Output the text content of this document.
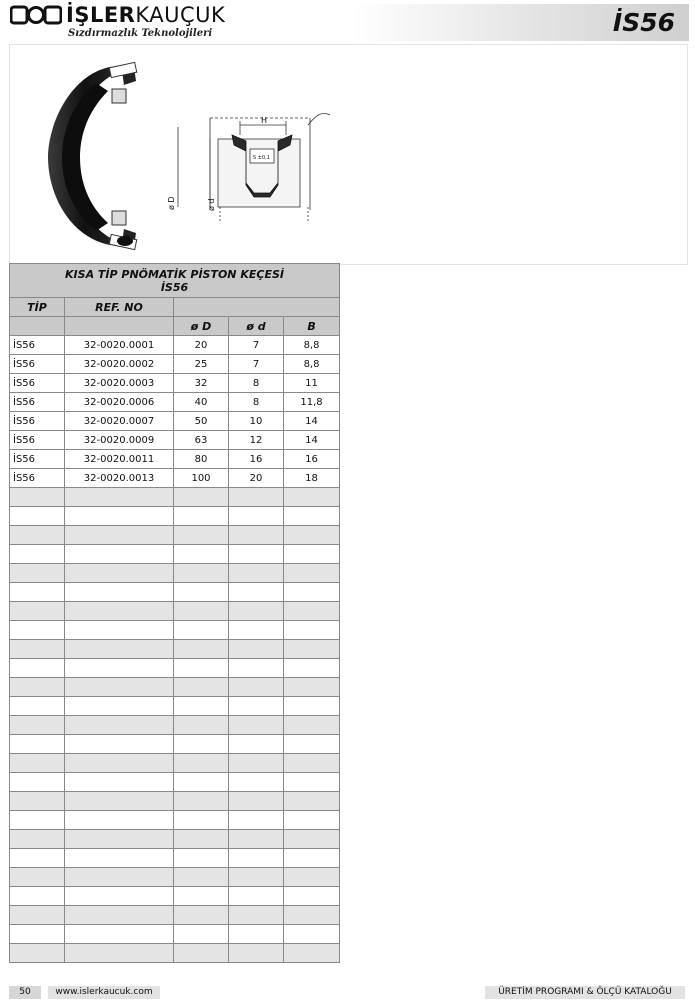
İŞLERKAUÇUK
Sızdırmazlık Teknolojileri	İS56
H
ø D	ø d
S ±0,1
KISA TİP PNÖMATİK PİSTON KEÇESİ
İS56				

TİP	REF. NO			
		ø D	ø d	B
İS56	32-0020.0001	20	7	8,8
İS56	32-0020.0002	25	7	8,8
İS56	32-0020.0003	32	8	11
İS56	32-0020.0006	40	8	11,8
İS56	32-0020.0007	50	10	14
İS56	32-0020.0009	63	12	14
İS56	32-0020.0011	80	16	16
İS56	32-0020.0013	100	20	18

50	www.islerkaucuk.com	ÜRETİM PROGRAMI & ÖLÇÜ KATALOĞU
